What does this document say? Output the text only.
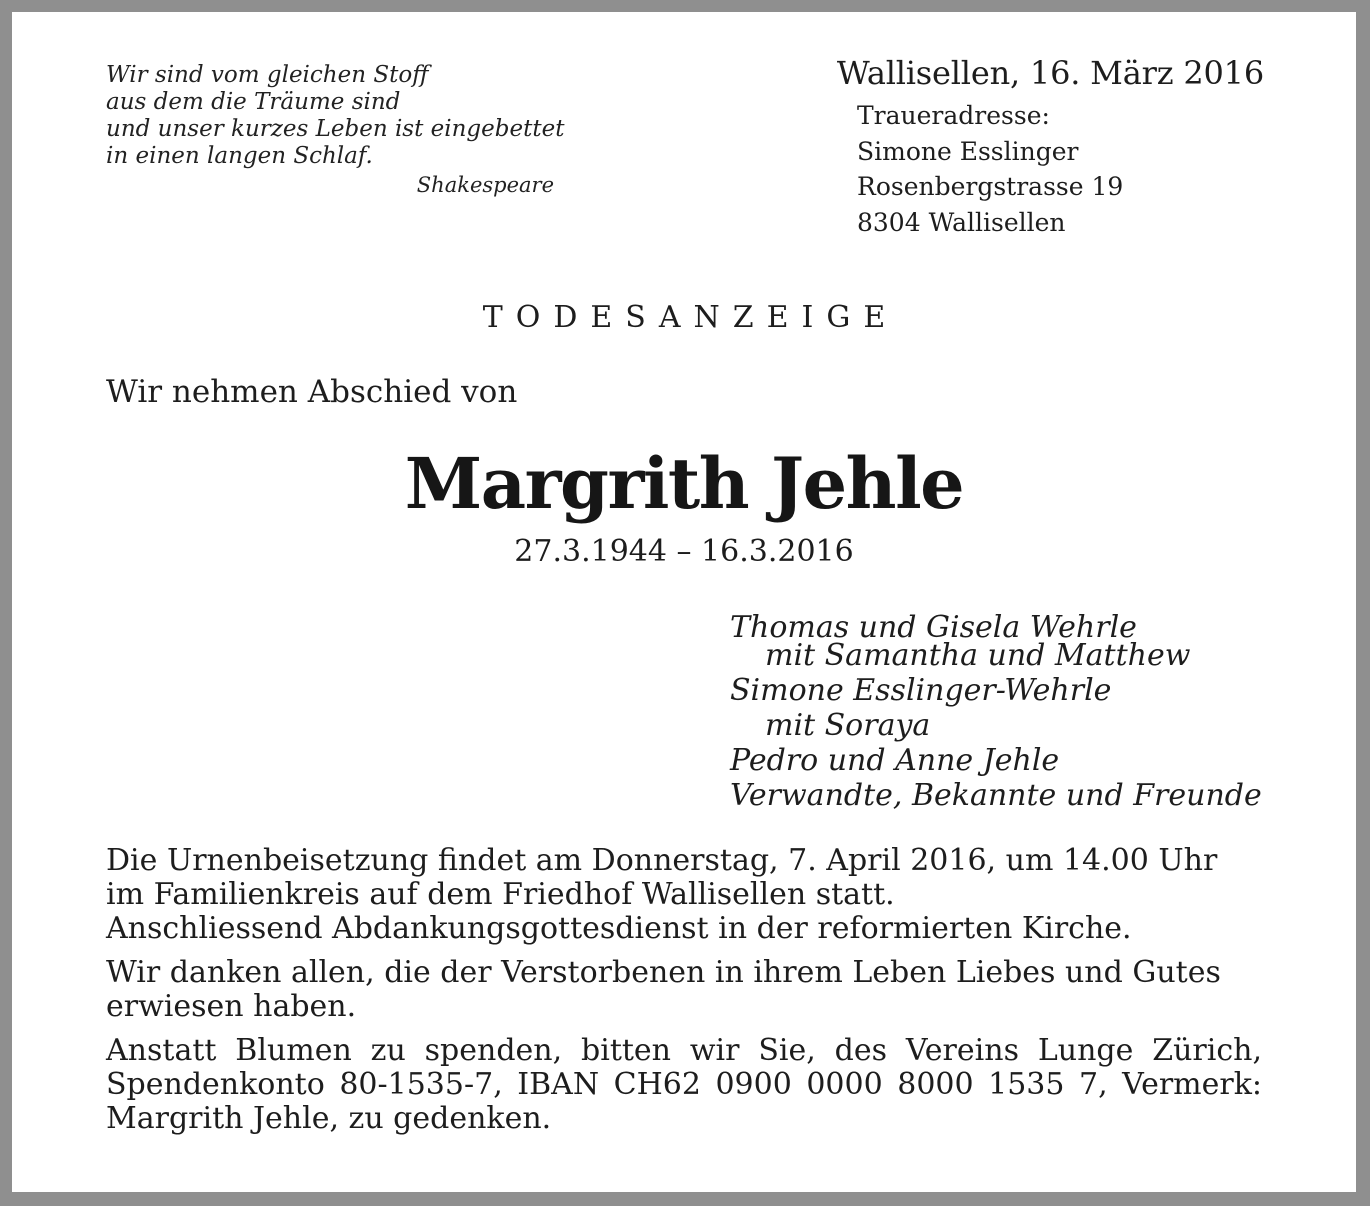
Wir sind vom gleichen Stoff
aus dem die Träume sind
und unser kurzes Leben ist eingebettet
in einen langen Schlaf.
Shakespeare
Wallisellen, 16. März 2016
Traueradresse:
Simone Esslinger
Rosenbergstrasse 19
8304 Wallisellen
TODESANZEIGE
Wir nehmen Abschied von
Margrith Jehle
27.3.1944 – 16.3.2016
Thomas und Gisela Wehrle
mit Samantha und Matthew
Simone Esslinger-Wehrle
mit Soraya
Pedro und Anne Jehle
Verwandte, Bekannte und Freunde

Die Urnenbeisetzung findet am Donnerstag, 7. April 2016, um 14.00 Uhr
im Familienkreis auf dem Friedhof Wallisellen statt.
Anschliessend Abdankungsgottesdienst in der reformierten Kirche.

Wir danken allen, die der Verstorbenen in ihrem Leben Liebes und Gutes erwiesen haben.

Anstatt Blumen zu spenden, bitten wir Sie, des Vereins Lunge Zürich, Spendenkonto 80-1535-7, IBAN CH62 0900 0000 8000 1535 7, Vermerk: Margrith Jehle, zu gedenken.
